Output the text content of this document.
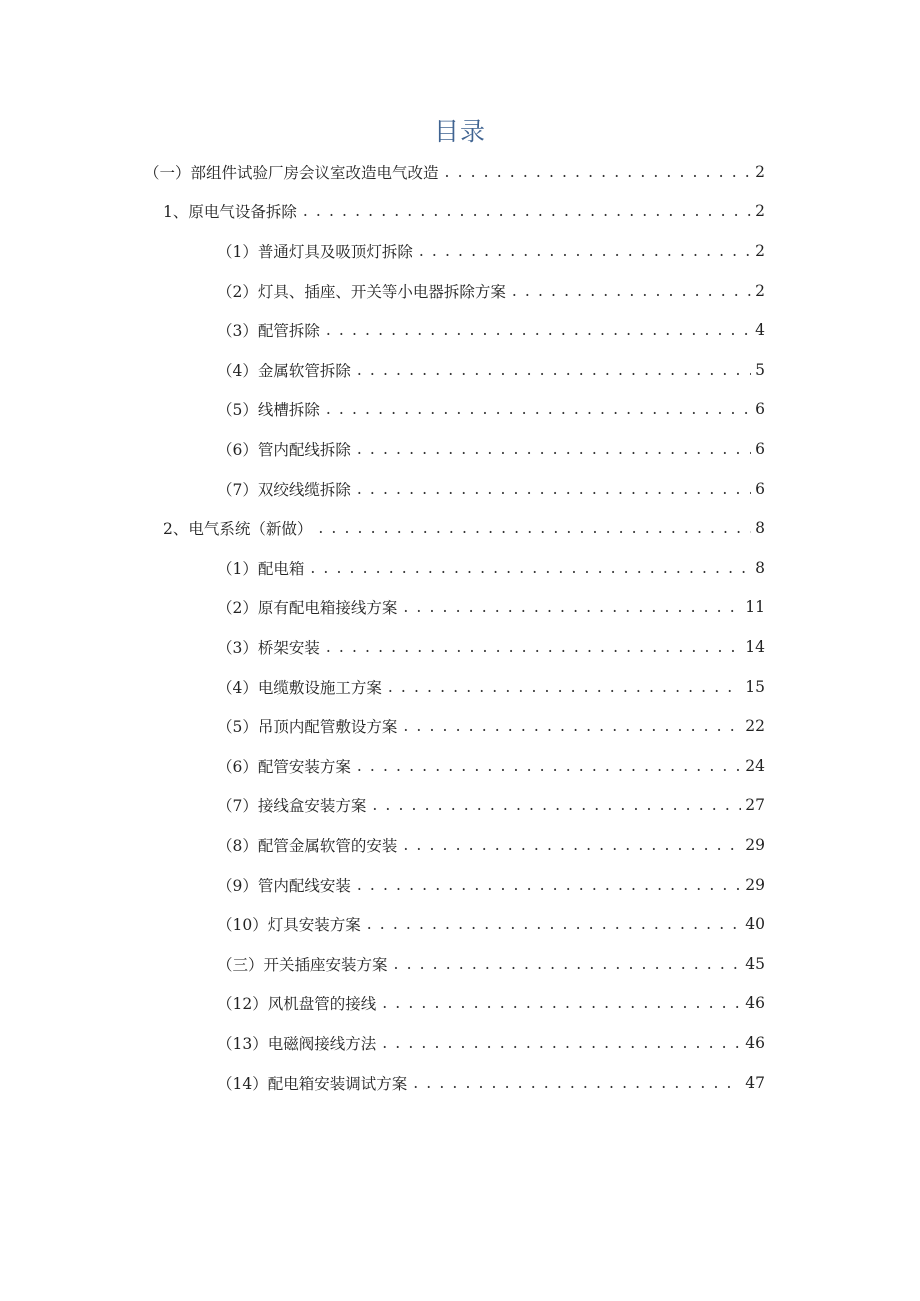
目录
（一）部组件试验厂房会议室改造电气改造 . . .	2
1、原电气设备拆除 . . .	2
（1）普通灯具及吸顶灯拆除 . . .	2
（2）灯具、插座、开关等小电器拆除方案 . . .	2
（3）配管拆除 . . .	4
（4）金属软管拆除 . . .	5
（5）线槽拆除 . . .	6
（6）管内配线拆除 . . .	6
（7）双绞线缆拆除 . . .	6
2、电气系统（新做） . . .	8
（1）配电箱 . . .	8
（2）原有配电箱接线方案 . . .	11
（3）桥架安装 . . .	14
（4）电缆敷设施工方案 . . .	15
（5）吊顶内配管敷设方案 . . .	22
（6）配管安装方案 . . .	24
（7）接线盒安装方案 . . .	27
（8）配管金属软管的安装 . . .	29
（9）管内配线安装 . . .	29
（10）灯具安装方案 . . .	40
（三）开关插座安装方案 . . .	45
（12）风机盘管的接线 . . .	46
（13）电磁阀接线方法 . . .	46
（14）配电箱安装调试方案 . . .	47
